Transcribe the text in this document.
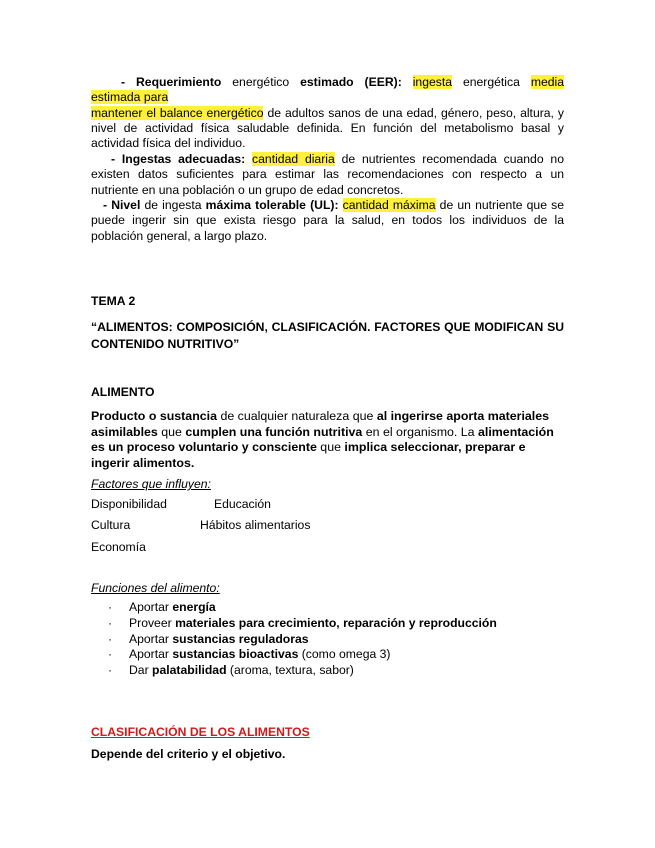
- Requerimiento energético estimado (EER): ingesta energética media estimada para
mantener el balance energético de adultos sanos de una edad, género, peso, altura, y nivel de actividad física saludable definida. En función del metabolismo basal y actividad física del individuo.
- Ingestas adecuadas: cantidad diaria de nutrientes recomendada cuando no existen datos suficientes para estimar las recomendaciones con respecto a un nutriente en una población o un grupo de edad concretos.
- Nivel de ingesta máxima tolerable (UL): cantidad máxima de un nutriente que se puede ingerir sin que exista riesgo para la salud, en todos los individuos de la población general, a largo plazo.
TEMA 2
“ALIMENTOS: COMPOSICIÓN, CLASIFICACIÓN. FACTORES QUE MODIFICAN SU CONTENIDO NUTRITIVO”
ALIMENTO
Producto o sustancia de cualquier naturaleza que al ingerirse aporta materiales asimilables que cumplen una función nutritiva en el organismo. La alimentación es un proceso voluntario y consciente que implica seleccionar, preparar e ingerir alimentos.
Factores que influyen:
Disponibilidad	Educación
Cultura	Hábitos alimentarios
Economía
Funciones del alimento:
· Aportar energía
· Proveer materiales para crecimiento, reparación y reproducción
· Aportar sustancias reguladoras
· Aportar sustancias bioactivas (como omega 3)
· Dar palatabilidad (aroma, textura, sabor)
CLASIFICACIÓN DE LOS ALIMENTOS
Depende del criterio y el objetivo.
